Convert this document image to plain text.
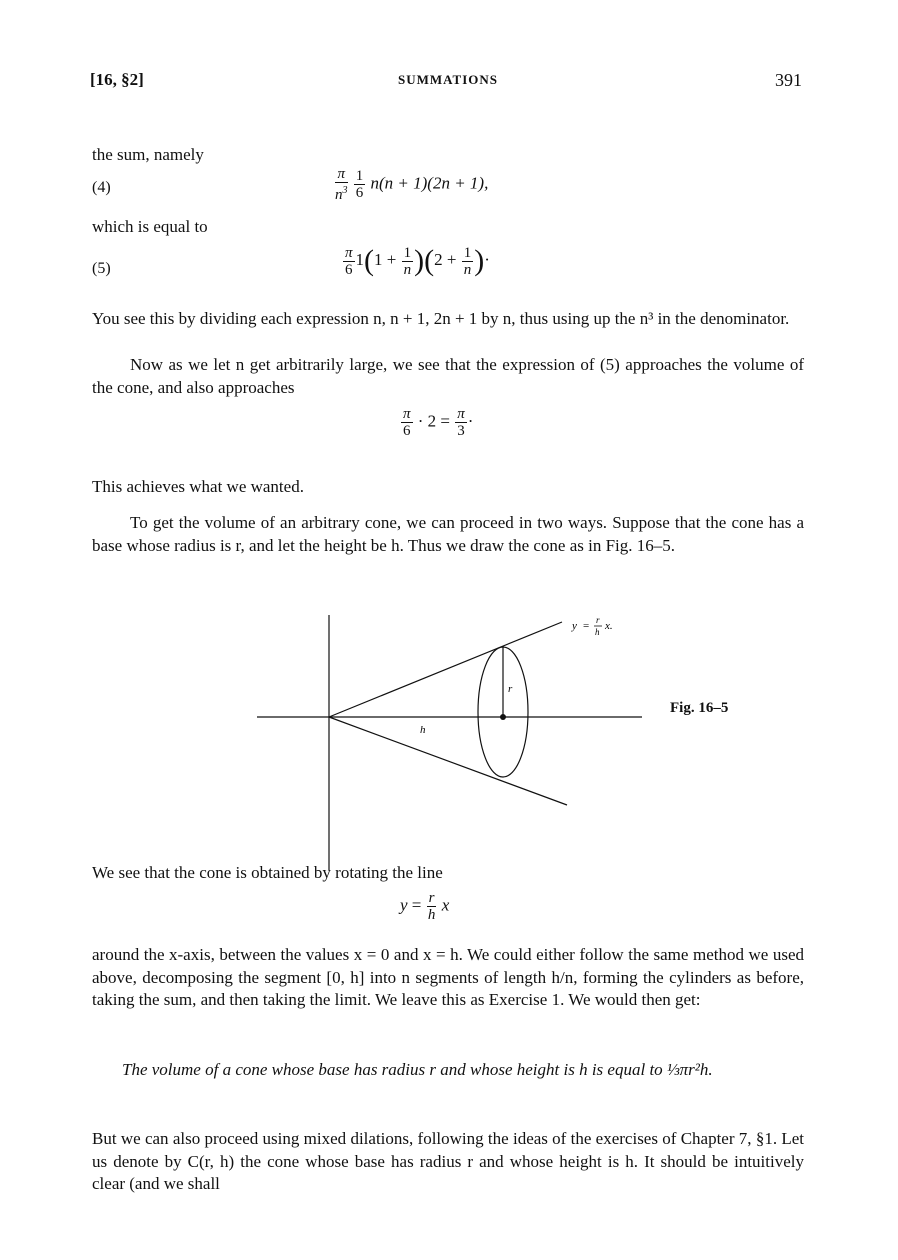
[16, §2]	SUMMATIONS	391
the sum, namely
(4)	$\frac{\pi}{n^3}$
$\frac{1}{6} n(n + 1)(2n + 1)$,
which is equal to
(5)	$\frac{\pi}{6} 1(1 + \frac{1}{n} )(2 + \frac{1}{n}$ )·
You see this by dividing each expression n, n + 1, 2n + 1 by n, thus using up the n³ in the denominator.
Now as we let n get arbitrarily large, we see that the expression of (5) approaches the volume of the cone, and also approaches
$\frac{\pi}{6} \cdot 2 = \frac{\pi}{3}$ ·
This achieves what we wanted.
To get the volume of an arbitrary cone, we can proceed in two ways. Suppose that the cone has a base whose radius is r, and let the height be h. Thus we draw the cone as in Fig. 16–5.
r
h
y = r
h x.
Fig. 16–5
We see that the cone is obtained by rotating the line
$y = \frac{r}{h}$ x
around the x-axis, between the values x = 0 and x = h. We could either follow the same method we used above, decomposing the segment [0, h] into n segments of length h/n, forming the cylinders as before, taking the sum, and then taking the limit. We leave this as Exercise 1. We would then get:
The volume of a cone whose base has radius r and whose height is h is equal to ⅓πr²h.
But we can also proceed using mixed dilations, following the ideas of the exercises of Chapter 7, §1. Let us denote by C(r, h) the cone whose base has radius r and whose height is h. It should be intuitively clear (and we shall
